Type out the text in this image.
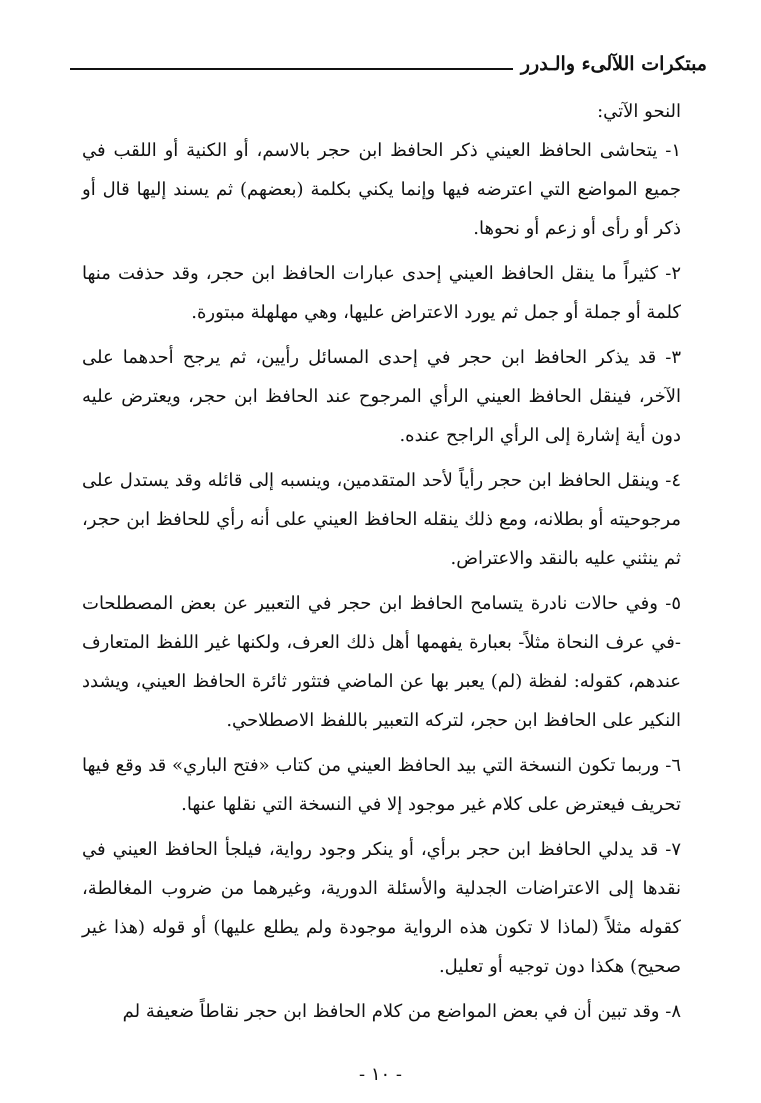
مبتكرات اللآلىء والـدرر

النحو الآتي:

١- يتحاشى الحافظ العيني ذكر الحافظ ابن حجر بالاسم، أو الكنية أو اللقب في جميع المواضع التي اعترضه فيها وإنما يكني بكلمة (بعضهم) ثم يسند إليها قال أو ذكر أو رأى أو زعم أو نحوها.

٢- كثيراً ما ينقل الحافظ العيني إحدى عبارات الحافظ ابن حجر، وقد حذفت منها كلمة أو جملة أو جمل ثم يورد الاعتراض عليها، وهي مهلهلة مبتورة.

٣- قد يذكر الحافظ ابن حجر في إحدى المسائل رأيين، ثم يرجح أحدهما على الآخر، فينقل الحافظ العيني الرأي المرجوح عند الحافظ ابن حجر، ويعترض عليه دون أية إشارة إلى الرأي الراجح عنده.

٤- وينقل الحافظ ابن حجر رأياً لأحد المتقدمين، وينسبه إلى قائله وقد يستدل على مرجوحيته أو بطلانه، ومع ذلك ينقله الحافظ العيني على أنه رأي للحافظ ابن حجر، ثم ينثني عليه بالنقد والاعتراض.

٥- وفي حالات نادرة يتسامح الحافظ ابن حجر في التعبير عن بعض المصطلحات -في عرف النحاة مثلاً- بعبارة يفهمها أهل ذلك العرف، ولكنها غير اللفظ المتعارف عندهم، كقوله: لفظة (لم) يعبر بها عن الماضي فتثور ثائرة الحافظ العيني، ويشدد النكير على الحافظ ابن حجر، لتركه التعبير باللفظ الاصطلاحي.

٦- وربما تكون النسخة التي بيد الحافظ العيني من كتاب «فتح الباري» قد وقع فيها تحريف فيعترض على كلام غير موجود إلا في النسخة التي نقلها عنها.

٧- قد يدلي الحافظ ابن حجر برأي، أو ينكر وجود رواية، فيلجأ الحافظ العيني في نقدها إلى الاعتراضات الجدلية والأسئلة الدورية، وغيرهما من ضروب المغالطة، كقوله مثلاً (لماذا لا تكون هذه الرواية موجودة ولم يطلع عليها) أو قوله (هذا غير صحيح) هكذا دون توجيه أو تعليل.

٨- وقد تبين أن في بعض المواضع من كلام الحافظ ابن حجر نقاطاً ضعيفة لم

- ١٠ -
